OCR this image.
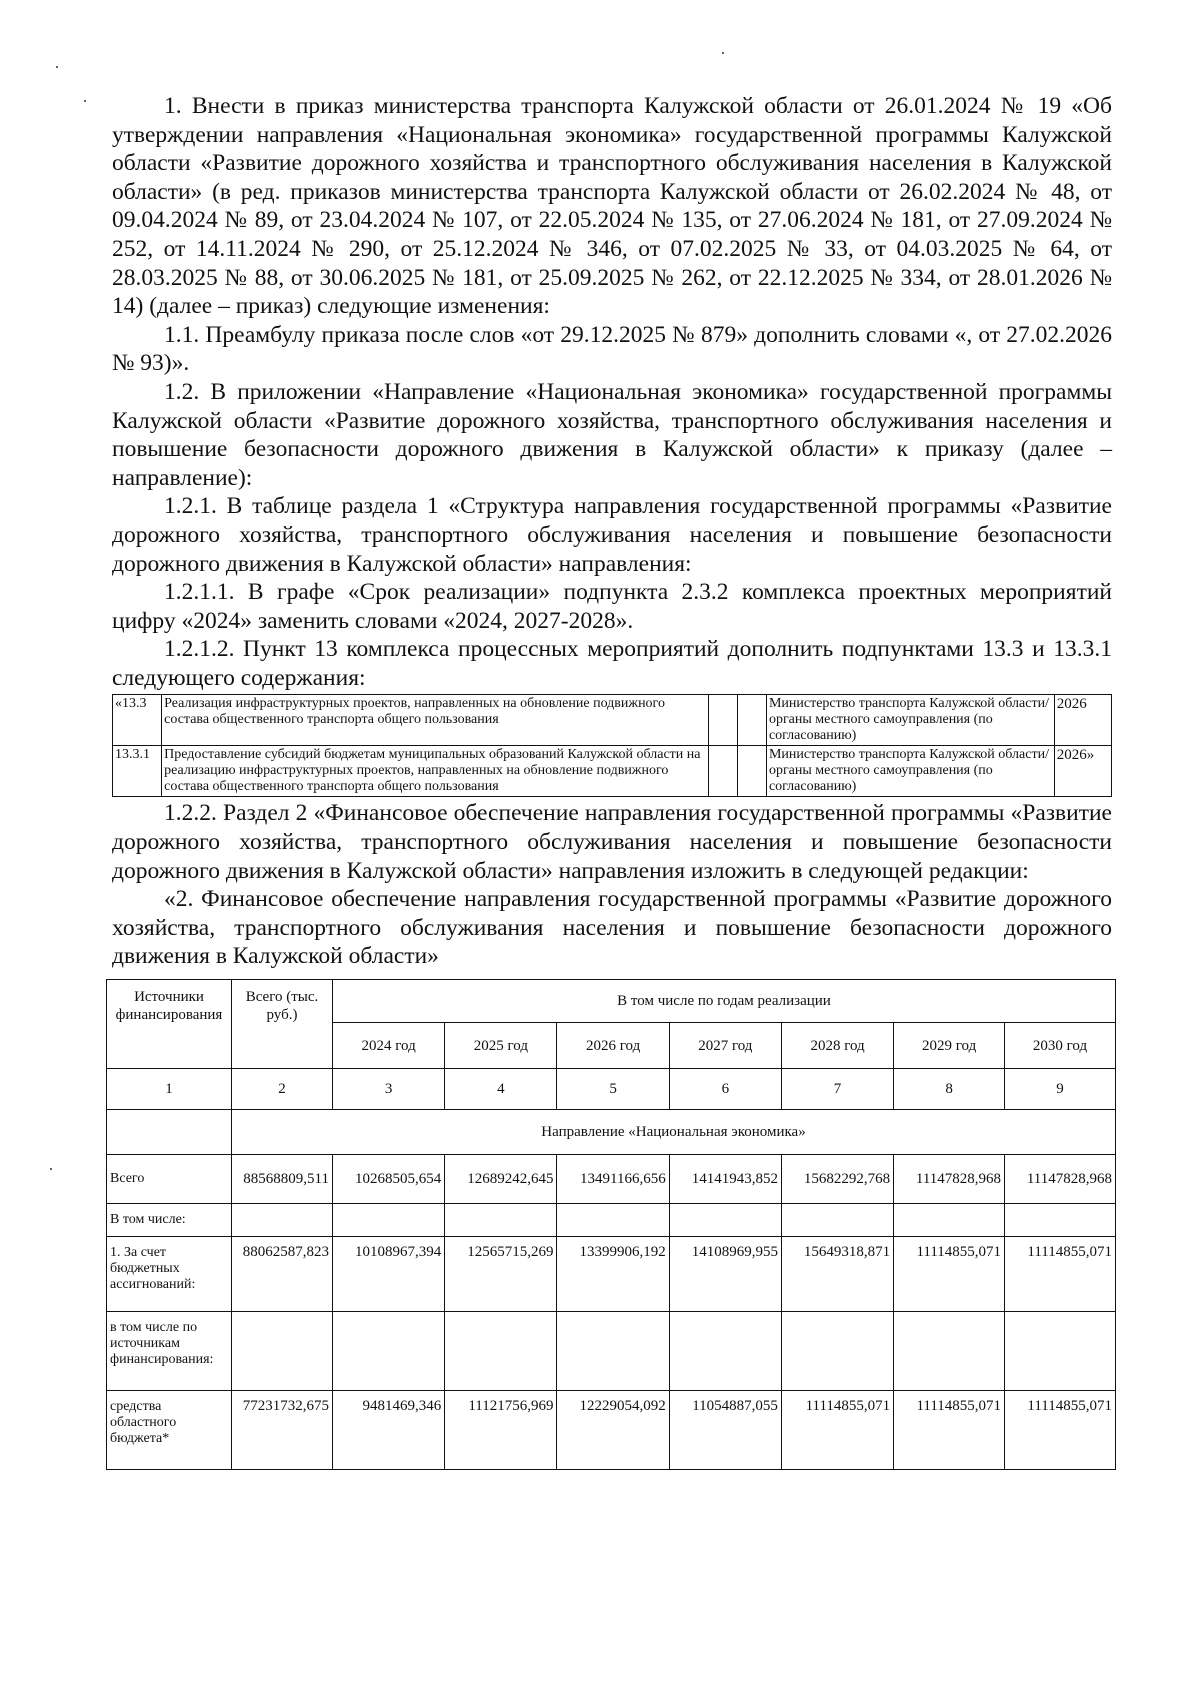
1. Внести в приказ министерства транспорта Калужской области от 26.01.2024 № 19 «Об утверждении направления «Национальная экономика» государственной программы Калужской области «Развитие дорожного хозяйства и транспортного обслуживания населения в Калужской области» (в ред. приказов министерства транспорта Калужской области от 26.02.2024 № 48, от 09.04.2024 № 89, от 23.04.2024 № 107, от 22.05.2024 № 135, от 27.06.2024 № 181, от 27.09.2024 № 252, от 14.11.2024 № 290, от 25.12.2024 № 346, от 07.02.2025 № 33, от 04.03.2025 № 64, от 28.03.2025 № 88, от 30.06.2025 № 181, от 25.09.2025 № 262, от 22.12.2025 № 334, от 28.01.2026 № 14) (далее – приказ) следующие изменения:

1.1. Преамбулу приказа после слов «от 29.12.2025 № 879» дополнить словами «, от 27.02.2026 № 93)».

1.2. В приложении «Направление «Национальная экономика» государственной программы Калужской области «Развитие дорожного хозяйства, транспортного обслуживания населения и повышение безопасности дорожного движения в Калужской области» к приказу (далее – направление):

1.2.1. В таблице раздела 1 «Структура направления государственной программы «Развитие дорожного хозяйства, транспортного обслуживания населения и повышение безопасности дорожного движения в Калужской области» направления:

1.2.1.1. В графе «Срок реализации» подпункта 2.3.2 комплекса проектных мероприятий цифру «2024» заменить словами «2024, 2027-2028».

1.2.1.2. Пункт 13 комплекса процессных мероприятий дополнить подпунктами 13.3 и 13.3.1 следующего содержания:

«13.3	Реализация инфраструктурных проектов, направленных на обновление подвижного состава общественного транспорта общего пользования			Министерство транспорта Калужской области/ органы местного самоуправления (по согласованию)	2026
13.3.1	Предоставление субсидий бюджетам муниципальных образований Калужской области на реализацию инфраструктурных проектов, направленных на обновление подвижного состава общественного транспорта общего пользования			Министерство транспорта Калужской области/ органы местного самоуправления (по согласованию)	2026»

1.2.2. Раздел 2 «Финансовое обеспечение направления государственной программы «Развитие дорожного хозяйства, транспортного обслуживания населения и повышение безопасности дорожного движения в Калужской области» направления изложить в следующей редакции:

«2. Финансовое обеспечение направления государственной программы «Развитие дорожного хозяйства, транспортного обслуживания населения и повышение безопасности дорожного движения в Калужской области»

Источники финансирования	Всего (тыс. руб.)	В том числе по годам реализации						
		2024 год	2025 год	2026 год	2027 год	2028 год	2029 год	2030 год
1	2	3	4	5	6	7	8	9
	Направление «Национальная экономика»							
Всего	88568809,511	10268505,654	12689242,645	13491166,656	14141943,852	15682292,768	11147828,968	11147828,968
В том числе:								
1. За счет бюджетных ассигнований:	88062587,823	10108967,394	12565715,269	13399906,192	14108969,955	15649318,871	11114855,071	11114855,071
в том числе по источникам финансирования:								
средства областного бюджета*	77231732,675	9481469,346	11121756,969	12229054,092	11054887,055	11114855,071	11114855,071	11114855,071
